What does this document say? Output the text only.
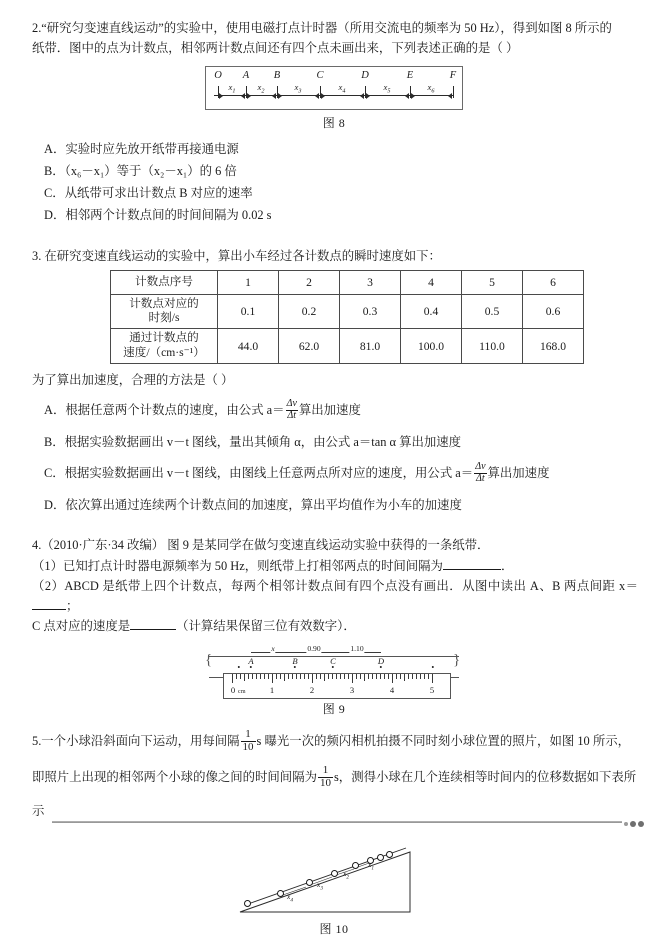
2.“研究匀变速直线运动”的实验中，使用电磁打点计时器（所用交流电的频率为 50 Hz），得到如图 8 所示的

纸带．图中的点为计数点，相邻两计数点间还有四个点未画出来，下列表述正确的是（ ）

O A B	C	D	E	F
$x_1$	$x_2$	$x_3$	$x_4$	$x_5$	$x_6$
图 8

A．实验时应先放开纸带再接通电源

B．（x₆－x₁）等于（x₂－x₁）的 6 倍

C．从纸带可求出计数点 B 对应的速率

D．相邻两个计数点间的时间间隔为 0.02 s

3. 在研究变速直线运动的实验中，算出小车经过各计数点的瞬时速度如下：

计数点序号	1	2	3	4	5	6
计数点对应的
时刻/s	0.1	0.2	0.3	0.4	0.5	0.6
通过计数点的
速度/（cm·s⁻¹）	44.0	62.0	81.0	100.0	110.0	168.0

为了算出加速度，合理的方法是（ ）

A．根据任意两个计数点的速度，由公式 $a= \frac{\Delta v}{\Delta t}$ 算出加速度

B．根据实验数据画出 v－t 图线，量出其倾角 α，由公式 a＝tan α 算出加速度

C．根据实验数据画出 v－t 图线，由图线上任意两点所对应的速度，用公式 $a= \frac{\Delta v}{\Delta t}$ 算出加速度

D．依次算出通过连续两个计数点间的加速度，算出平均值作为小车的加速度

4.（2010·广东·34 改编） 图 9 是某同学在做匀变速直线运动实验中获得的一条纸带．

（1）已知打点计时器电源频率为 50 Hz，则纸带上打相邻两点的时间间隔为	．

（2）ABCD 是纸带上四个计数点，每两个相邻计数点间有四个点没有画出．从图中读出 A、B 两点间距 x＝；

C 点对应的速度是	（计算结果保留三位有效数字）．

{	}
x	0.90	1.10
A	B	C	D
0 cm	1	2	3	4	5
图 9

5.一个小球沿斜面向下运动，用每间隔 $\frac{1}{10}$ s 曝光一次的频闪相机拍摄不同时刻小球位置的照片，如图 10 所示，

即照片上出现的相邻两个小球的像之间的时间间隔为 $\frac{1}{10}$ s，测得小球在几个连续相等时间内的位移数据如下表所

示

$x_1$
$x_2$
$x_3$
$x_4$
图 10
